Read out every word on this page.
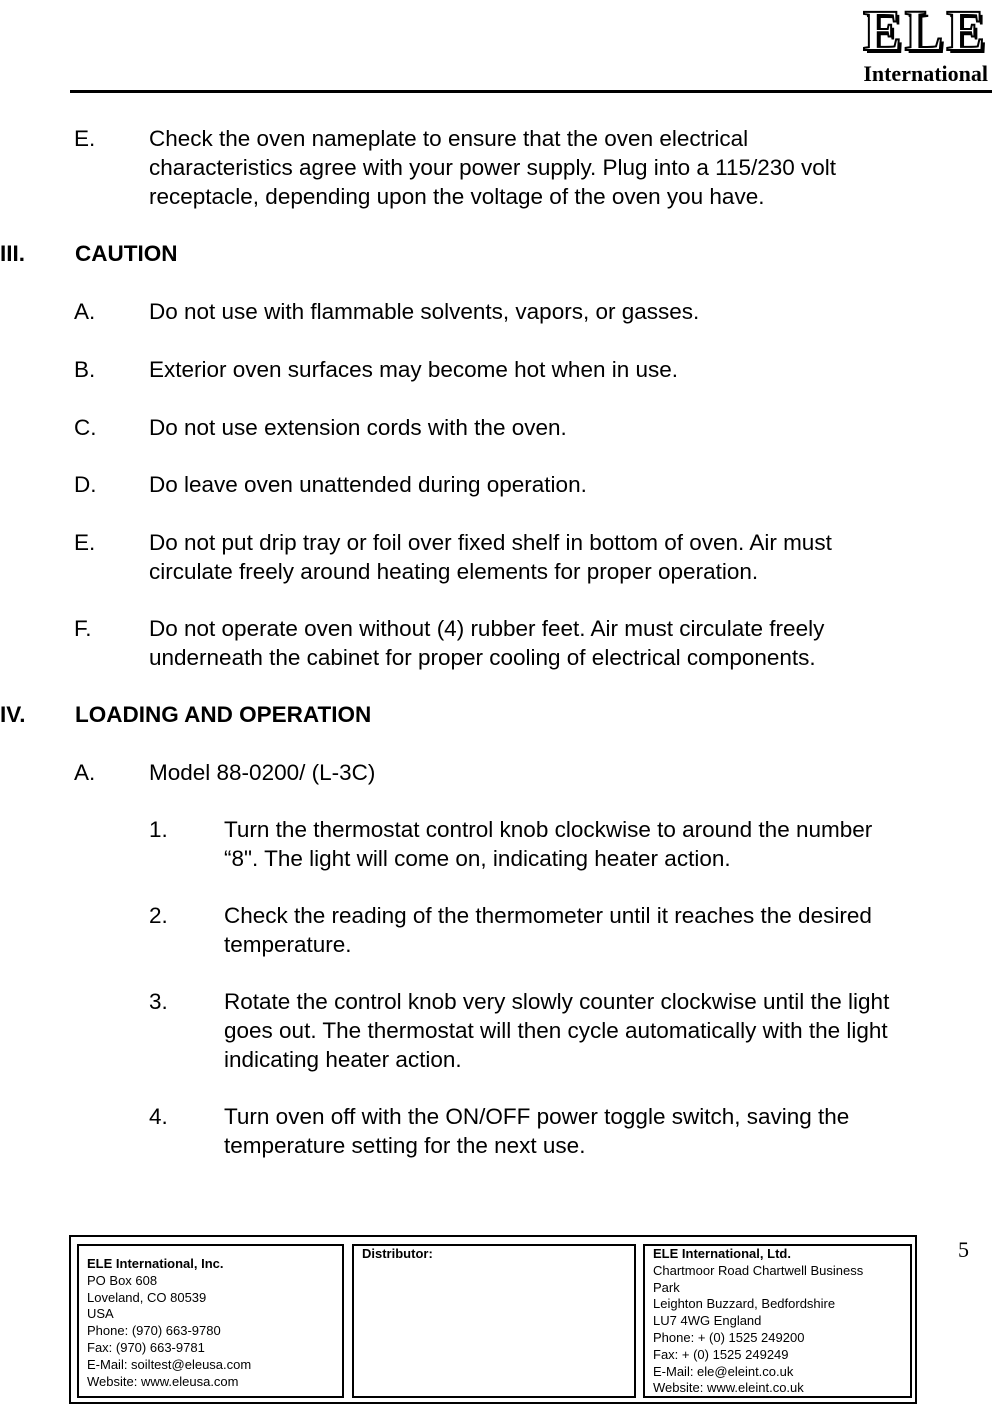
ELE
International
E. Check the oven nameplate to ensure that the oven electrical
characteristics agree with your power supply. Plug into a 115/230 volt
receptacle, depending upon the voltage of the oven you have.
III. CAUTION
A. Do not use with flammable solvents, vapors, or gasses.
B. Exterior oven surfaces may become hot when in use.
C. Do not use extension cords with the oven.
D. Do leave oven unattended during operation.
E. Do not put drip tray or foil over fixed shelf in bottom of oven. Air must
circulate freely around heating elements for proper operation.
F.	Do not operate oven without (4) rubber feet. Air must circulate freely
underneath the cabinet for proper cooling of electrical components.
IV. LOADING AND OPERATION
A. Model 88-0200/ (L-3C)
1. Turn the thermostat control knob clockwise to around the number
“8". The light will come on, indicating heater action.
2. Check the reading of the thermometer until it reaches the desired
temperature.
3. Rotate the control knob very slowly counter clockwise until the light
goes out. The thermostat will then cycle automatically with the light
indicating heater action.
4. Turn oven off with the ON/OFF power toggle switch, saving the
temperature setting for the next use.
5
ELE International, Inc.
PO Box 608
Loveland, CO 80539
USA
Phone: (970) 663-9780
Fax: (970) 663-9781
E-Mail: soiltest@eleusa.com
Website: www.eleusa.com
Distributor:	ELE International, Ltd.
Chartmoor Road Chartwell Business
Park
Leighton Buzzard, Bedfordshire
LU7 4WG England
Phone: + (0) 1525 249200
Fax: + (0) 1525 249249
E-Mail: ele@eleint.co.uk
Website: www.eleint.co.uk
